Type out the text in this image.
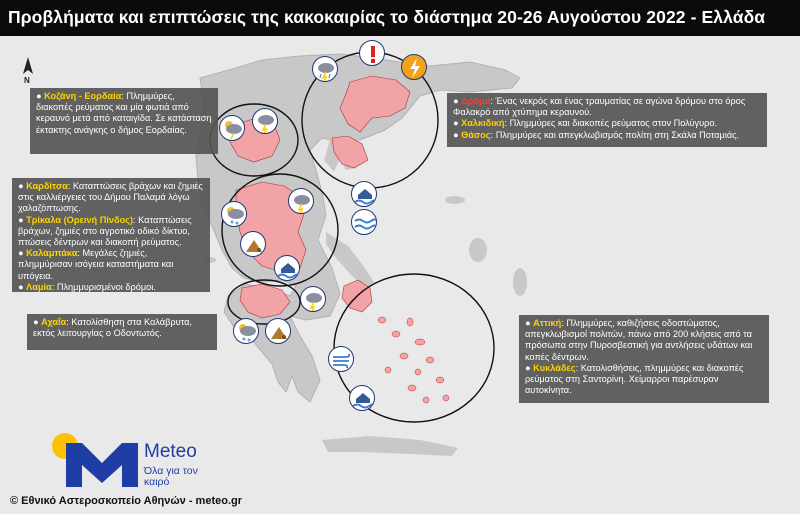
Προβλήματα και επιπτώσεις της κακοκαιρίας το διάστημα 20-26 Αυγούστου 2022 - Ελλάδα
N

● Κοζάνη - Εορδαία: Πλημμύρες, διακοπές ρεύματος και μία φωτιά από κεραυνό μετά από καταιγίδα. Σε κατάσταση έκτακτης ανάγκης ο δήμος Εορδαίας.

● Καρδίτσα: Καταπτώσεις βράχων και ζημιές στις καλλιέργειες του Δήμου Παλαμά λόγω χαλαζόπτωσης.

● Τρίκαλα (Ορεινή Πίνδος): Καταπτώσεις βράχων, ζημιές στο αγροτικό οδικό δίκτυο, πτώσεις δέντρων και διακοπή ρεύματος.

● Καλαμπάκα: Μεγάλες ζημιές, πλημμύρισαν ισόγεια καταστήματα και υπόγεια.

● Λαμία: Πλημμυρισμένοι δρόμοι.

● Αχαΐα: Κατολίσθηση στα Καλάβρυτα, εκτός λειτουργίας ο Οδοντωτός.

● Δράμα: Ένας νεκρός και ένας τραυματίας σε αγώνα δρόμου στο όρος Φαλακρό από χτύπημα κεραυνού.

● Χαλκιδική: Πλημμύρες και διακοπές ρεύματος στον Πολύγυρο.

● Θάσος: Πλημμύρες και απεγκλωβισμός πολίτη στη Σκάλα Ποταμιάς.

● Αττική: Πλημμύρες, καθιζήσεις οδοστώματος, απεγκλωβισμοί πολιτών, πάνω από 200 κλήσεις από τα πρόσωπα στην Πυροσβεστική για αντλήσεις υδάτων και κοπές δέντρων.

● Κυκλάδες: Κατολισθήσεις, πλημμύρες και διακοπές ρεύματος στη Σαντορίνη. Χείμαρροι παρέσυραν αυτοκίνητα.

Meteo
Όλα για τον καιρό
© Εθνικό Αστεροσκοπείο Αθηνών - meteo.gr
